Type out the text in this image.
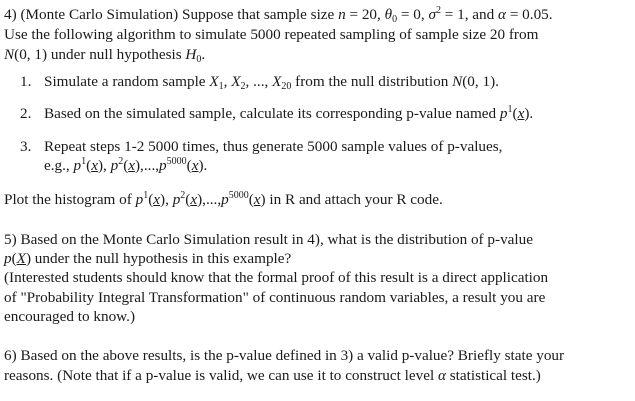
4) (Monte Carlo Simulation) Suppose that sample size n = 20, $\theta_0 = 0$, $\sigma^2 = 1$, and α = 0.05.
Use the following algorithm to simulate 5000 repeated sampling of sample size 20 from
N(0, 1) under null hypothesis $H_0$.
1. Simulate a random sample $X_1$, $X_2$, ..., $X_{20}$ from the null distribution N(0, 1).
2. Based on the simulated sample, calculate its corresponding p-value named $p^1(x)$.
3. Repeat steps 1-2 5000 times, thus generate 5000 sample values of p-values,
e.g., $p^1(x)$, $p^2(x),...,p^{5000}(x)$.
Plot the histogram of $p^1(x)$, $p^2(x),...,p^{5000}(x)$ in R and attach your R code.
5) Based on the Monte Carlo Simulation result in 4), what is the distribution of p-value
p(X) under the null hypothesis in this example?
(Interested students should know that the formal proof of this result is a direct application
of "Probability Integral Transformation" of continuous random variables, a result you are
encouraged to know.)
6) Based on the above results, is the p-value defined in 3) a valid p-value? Briefly state your
reasons. (Note that if a p-value is valid, we can use it to construct level α statistical test.)
